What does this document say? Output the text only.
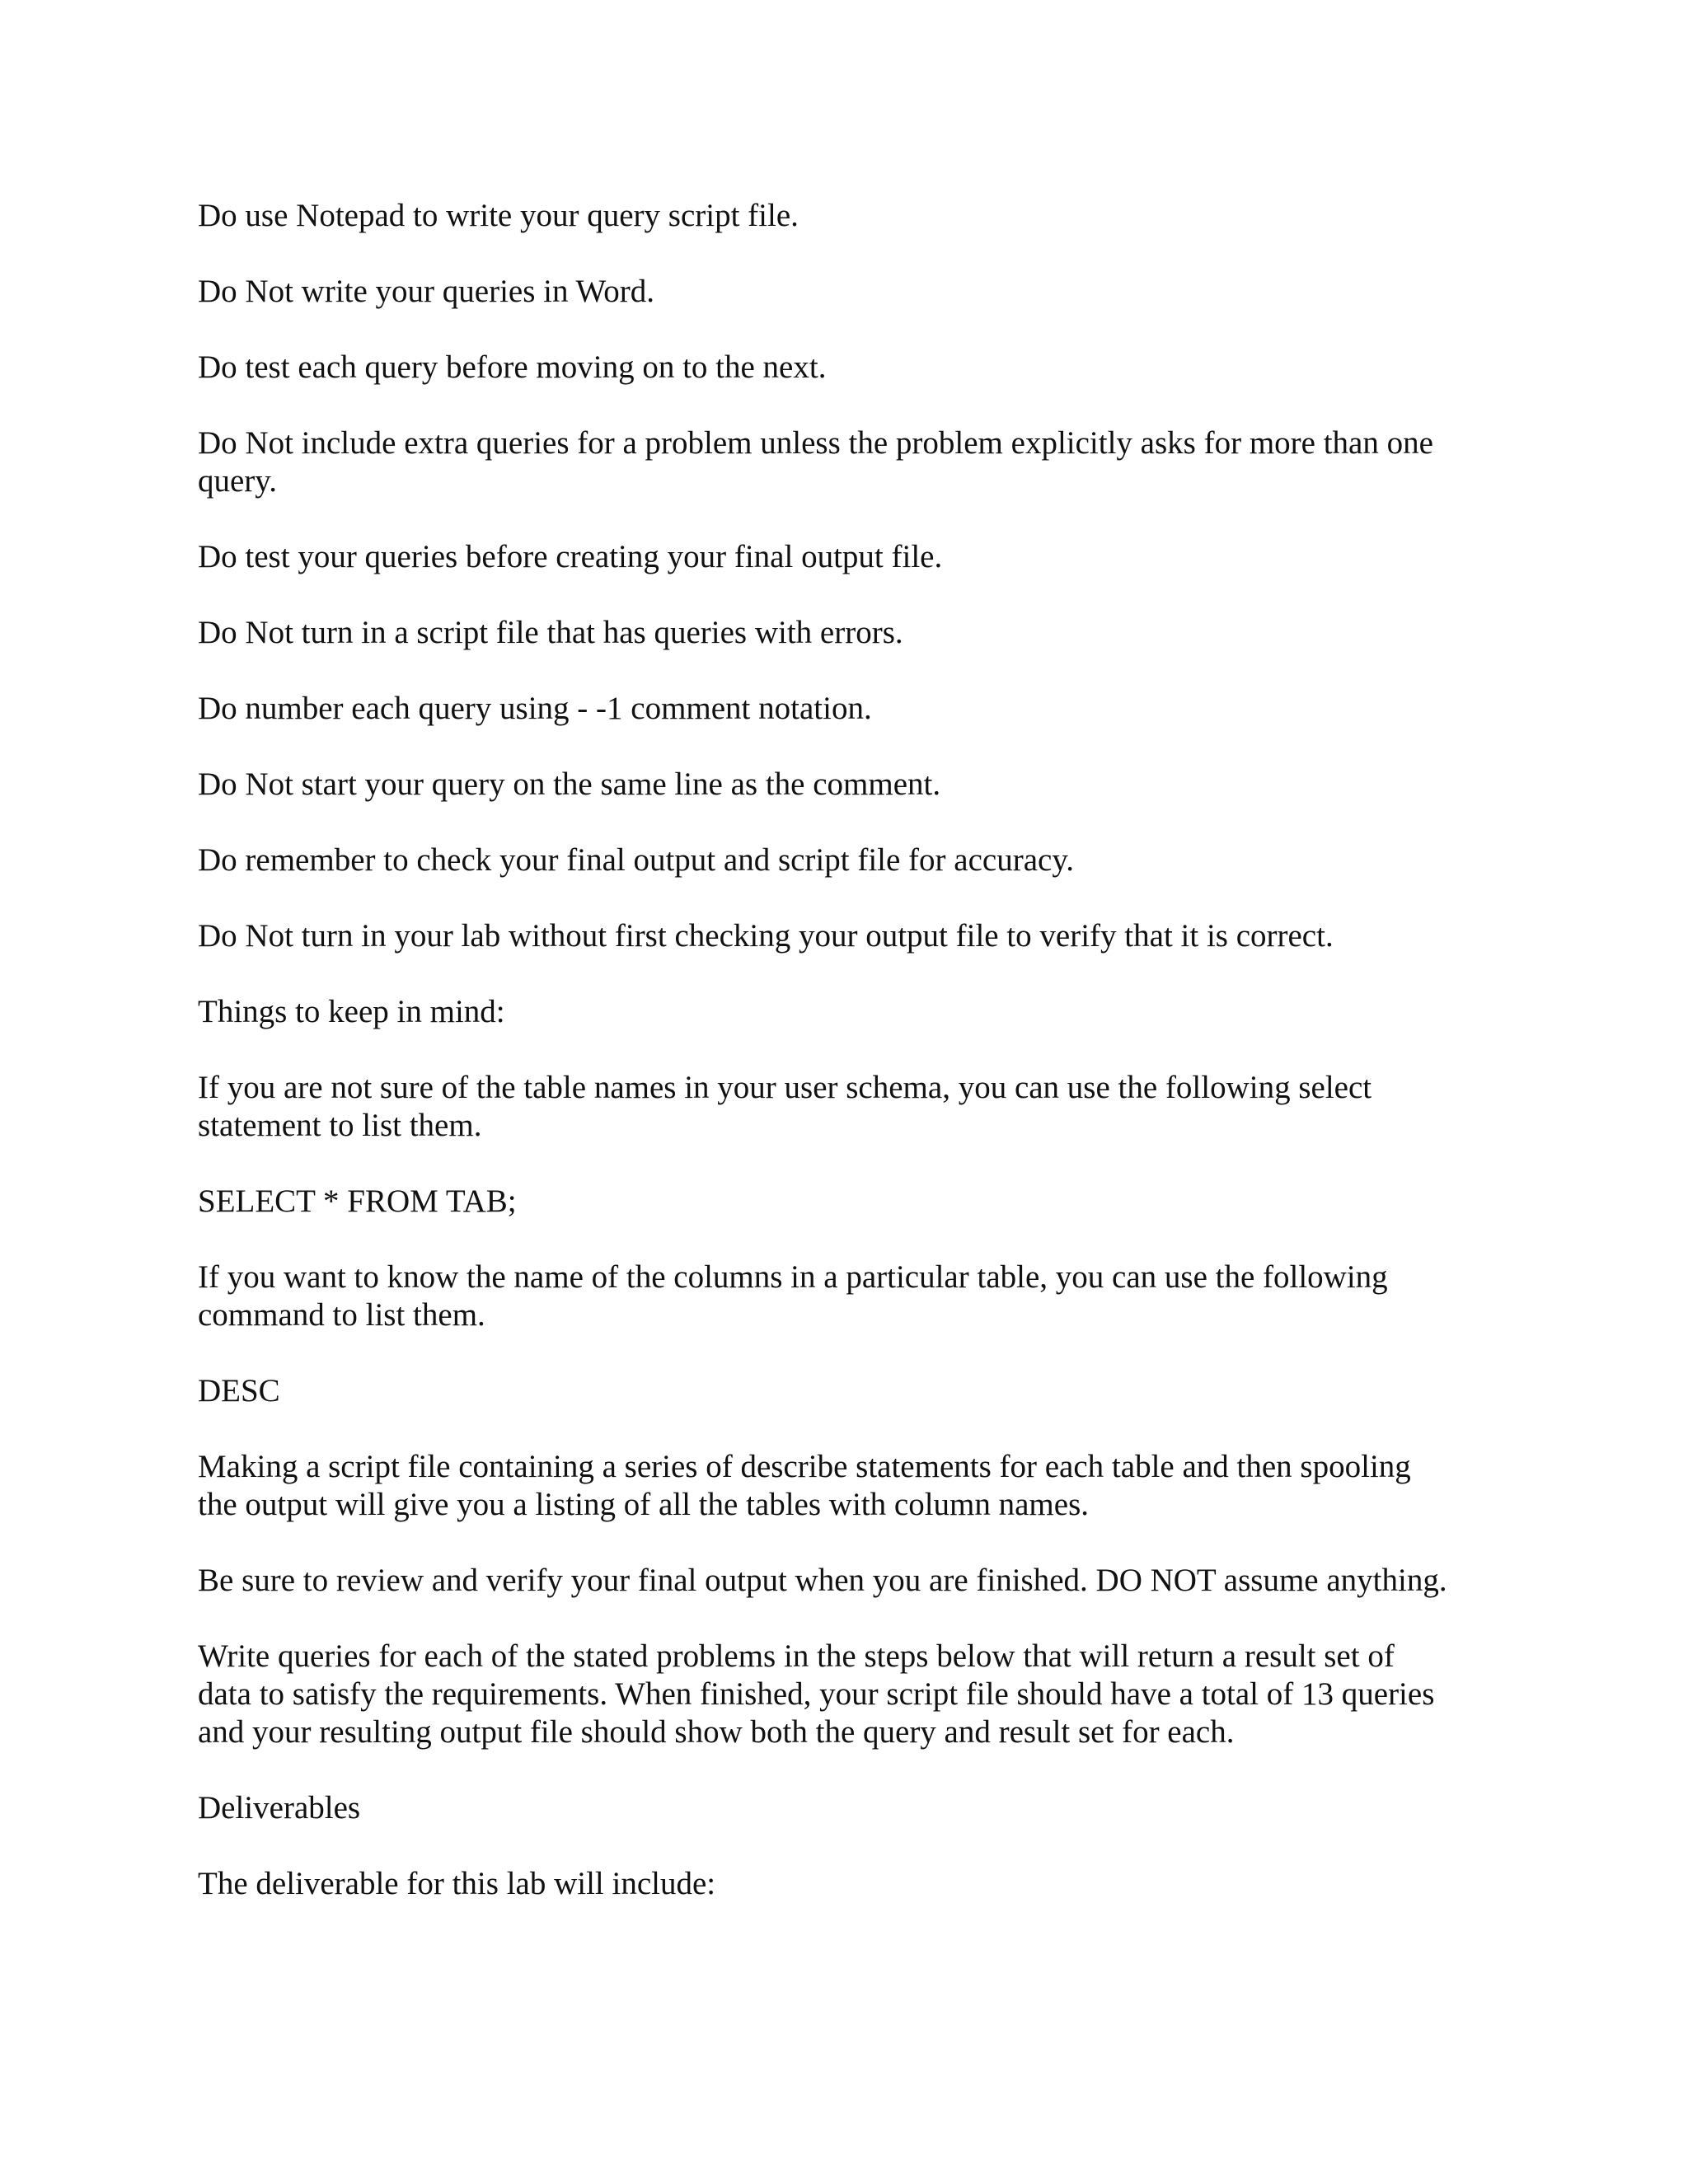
Do use Notepad to write your query script file.

Do Not write your queries in Word.

Do test each query before moving on to the next.

Do Not include extra queries for a problem unless the problem explicitly asks for more than one
query.

Do test your queries before creating your final output file.

Do Not turn in a script file that has queries with errors.

Do number each query using - -1 comment notation.

Do Not start your query on the same line as the comment.

Do remember to check your final output and script file for accuracy.

Do Not turn in your lab without first checking your output file to verify that it is correct.

Things to keep in mind:

If you are not sure of the table names in your user schema, you can use the following select
statement to list them.

SELECT * FROM TAB;

If you want to know the name of the columns in a particular table, you can use the following
command to list them.

DESC

Making a script file containing a series of describe statements for each table and then spooling
the output will give you a listing of all the tables with column names.

Be sure to review and verify your final output when you are finished. DO NOT assume anything.

Write queries for each of the stated problems in the steps below that will return a result set of
data to satisfy the requirements. When finished, your script file should have a total of 13 queries
and your resulting output file should show both the query and result set for each.

Deliverables

The deliverable for this lab will include:
